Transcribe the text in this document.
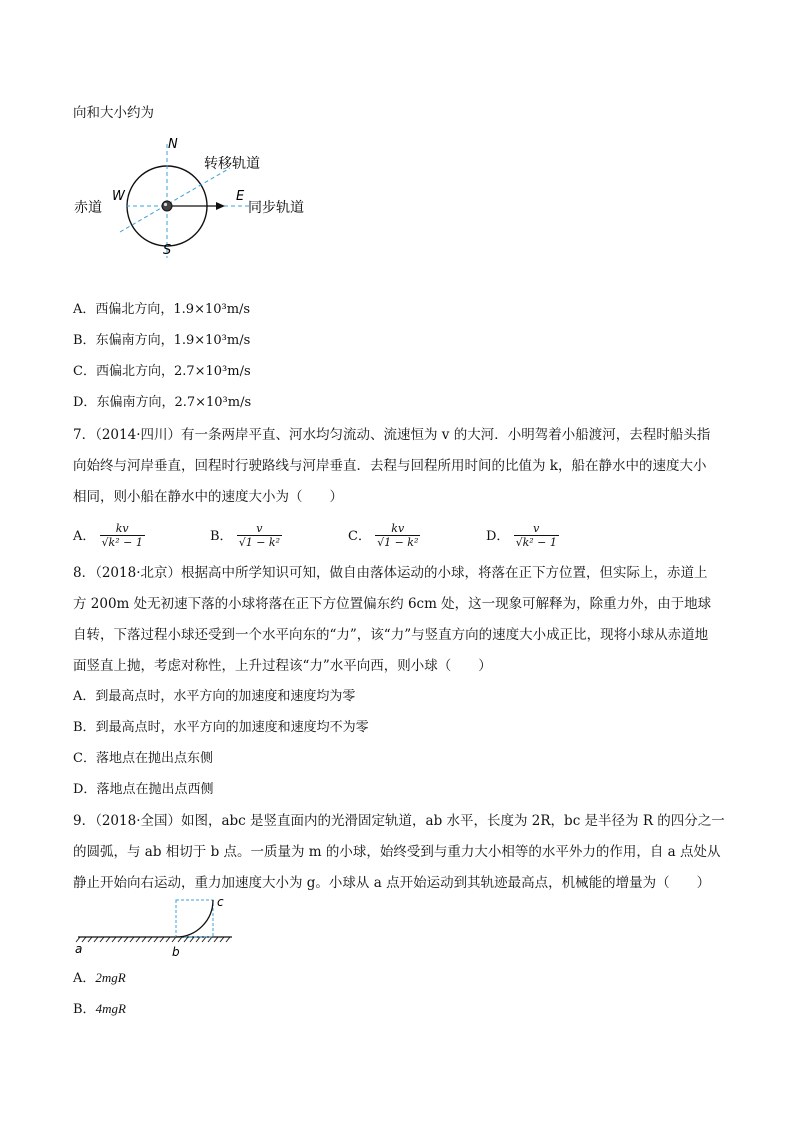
向和大小约为
N
S
W	E
赤道
转移轨道
同步轨道
A．西偏北方向，1.9×10³m/s
B．东偏南方向，1.9×10³m/s
C．西偏北方向，2.7×10³m/s
D．东偏南方向，2.7×10³m/s
7．（2014·四川）有一条两岸平直、河水均匀流动、流速恒为 v 的大河．小明驾着小船渡河，去程时船头指
向始终与河岸垂直，回程时行驶路线与河岸垂直．去程与回程所用时间的比值为 k，船在静水中的速度大小
相同，则小船在静水中的速度大小为（　　）
A． $\frac{kv}{\text{√k² − 1}}$	B． $\frac{v}{\text{√1 − k²}}$	C． $\frac{kv}{\text{√1 − k²}}$	D． $\frac{v}{\text{√k² − 1}}$
8．（2018·北京）根据高中所学知识可知，做自由落体运动的小球，将落在正下方位置，但实际上，赤道上
方 200m 处无初速下落的小球将落在正下方位置偏东约 6cm 处，这一现象可解释为，除重力外，由于地球
自转，下落过程小球还受到一个水平向东的“力”，该“力”与竖直方向的速度大小成正比，现将小球从赤道地
面竖直上抛，考虑对称性，上升过程该“力”水平向西，则小球（　　）
A．到最高点时，水平方向的加速度和速度均为零
B．到最高点时，水平方向的加速度和速度均不为零
C．落地点在抛出点东侧
D．落地点在抛出点西侧
9．（2018·全国）如图，abc 是竖直面内的光滑固定轨道，ab 水平，长度为 2R，bc 是半径为 R 的四分之一
的圆弧，与 ab 相切于 b 点。一质量为 m 的小球，始终受到与重力大小相等的水平外力的作用，自 a 点处从
静止开始向右运动，重力加速度大小为 g。小球从 a 点开始运动到其轨迹最高点，机械能的增量为（　　）
a	b
c
A．2mgR
B．4mgR
